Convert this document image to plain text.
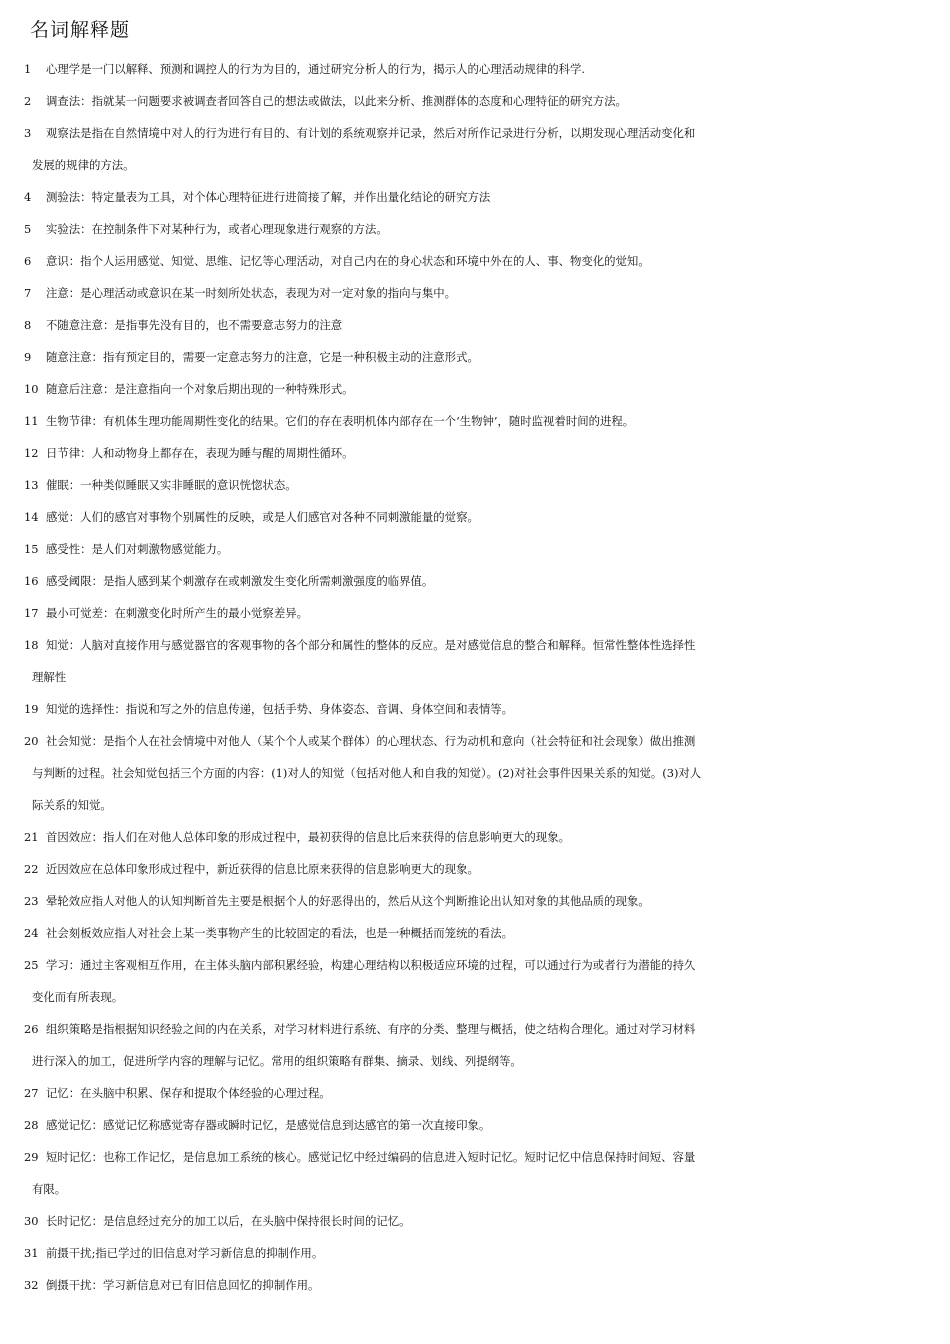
名词解释题
1	心理学是一门以解释、预测和调控人的行为为目的，通过研究分析人的行为，揭示人的心理活动规律的科学.
2	调查法：指就某一问题要求被调查者回答自己的想法或做法，以此来分析、推测群体的态度和心理特征的研究方法。
3	观察法是指在自然情境中对人的行为进行有目的、有计划的系统观察并记录，然后对所作记录进行分析，以期发现心理活动变化和
发展的规律的方法。
4	测验法：特定量表为工具，对个体心理特征进行进简接了解，并作出量化结论的研究方法
5	实验法：在控制条件下对某种行为，或者心理现象进行观察的方法。
6	意识：指个人运用感觉、知觉、思维、记忆等心理活动，对自己内在的身心状态和环境中外在的人、事、物变化的觉知。
7	注意：是心理活动或意识在某一时刻所处状态，表现为对一定对象的指向与集中。
8	不随意注意：是指事先没有目的，也不需要意志努力的注意
9	随意注意：指有预定目的，需要一定意志努力的注意，它是一种积极主动的注意形式。
10 随意后注意：是注意指向一个对象后期出现的一种特殊形式。
11 生物节律：有机体生理功能周期性变化的结果。它们的存在表明机体内部存在一个‘生物钟’，随时监视着时间的进程。
12 日节律：人和动物身上都存在，表现为睡与醒的周期性循环。
13 催眠：一种类似睡眠又实非睡眠的意识恍惚状态。
14 感觉：人们的感官对事物个别属性的反映，或是人们感官对各种不同刺激能量的觉察。
15 感受性：是人们对刺激物感觉能力。
16 感受阈限：是指人感到某个刺激存在或刺激发生变化所需刺激强度的临界值。
17 最小可觉差：在刺激变化时所产生的最小觉察差异。
18 知觉：人脑对直接作用与感觉器官的客观事物的各个部分和属性的整体的反应。是对感觉信息的整合和解释。恒常性整体性选择性
理解性
19 知觉的选择性：指说和写之外的信息传递，包括手势、身体姿态、音调、身体空间和表情等。
20 社会知觉：是指个人在社会情境中对他人（某个个人或某个群体）的心理状态、行为动机和意向（社会特征和社会现象）做出推测
与判断的过程。社会知觉包括三个方面的内容：(1)对人的知觉（包括对他人和自我的知觉）。(2)对社会事件因果关系的知觉。(3)对人
际关系的知觉。
21 首因效应：指人们在对他人总体印象的形成过程中，最初获得的信息比后来获得的信息影响更大的现象。
22 近因效应在总体印象形成过程中，新近获得的信息比原来获得的信息影响更大的现象。
23 晕轮效应指人对他人的认知判断首先主要是根据个人的好恶得出的，然后从这个判断推论出认知对象的其他品质的现象。
24 社会刻板效应指人对社会上某一类事物产生的比较固定的看法，也是一种概括而笼统的看法。
25 学习：通过主客观相互作用，在主体头脑内部积累经验，构建心理结构以积极适应环境的过程，可以通过行为或者行为潜能的持久
变化而有所表现。
26 组织策略是指根据知识经验之间的内在关系，对学习材料进行系统、有序的分类、整理与概括，使之结构合理化。通过对学习材料
进行深入的加工，促进所学内容的理解与记忆。常用的组织策略有群集、摘录、划线、列提纲等。
27 记忆：在头脑中积累、保存和提取个体经验的心理过程。
28 感觉记忆：感觉记忆称感觉寄存器或瞬时记忆，是感觉信息到达感官的第一次直接印象。
29 短时记忆：也称工作记忆，是信息加工系统的核心。感觉记忆中经过编码的信息进入短时记忆。短时记忆中信息保持时间短、容量
有限。
30 长时记忆：是信息经过充分的加工以后，在头脑中保持很长时间的记忆。
31 前摄干扰;指已学过的旧信息对学习新信息的抑制作用。
32 倒摄干扰：学习新信息对已有旧信息回忆的抑制作用。
